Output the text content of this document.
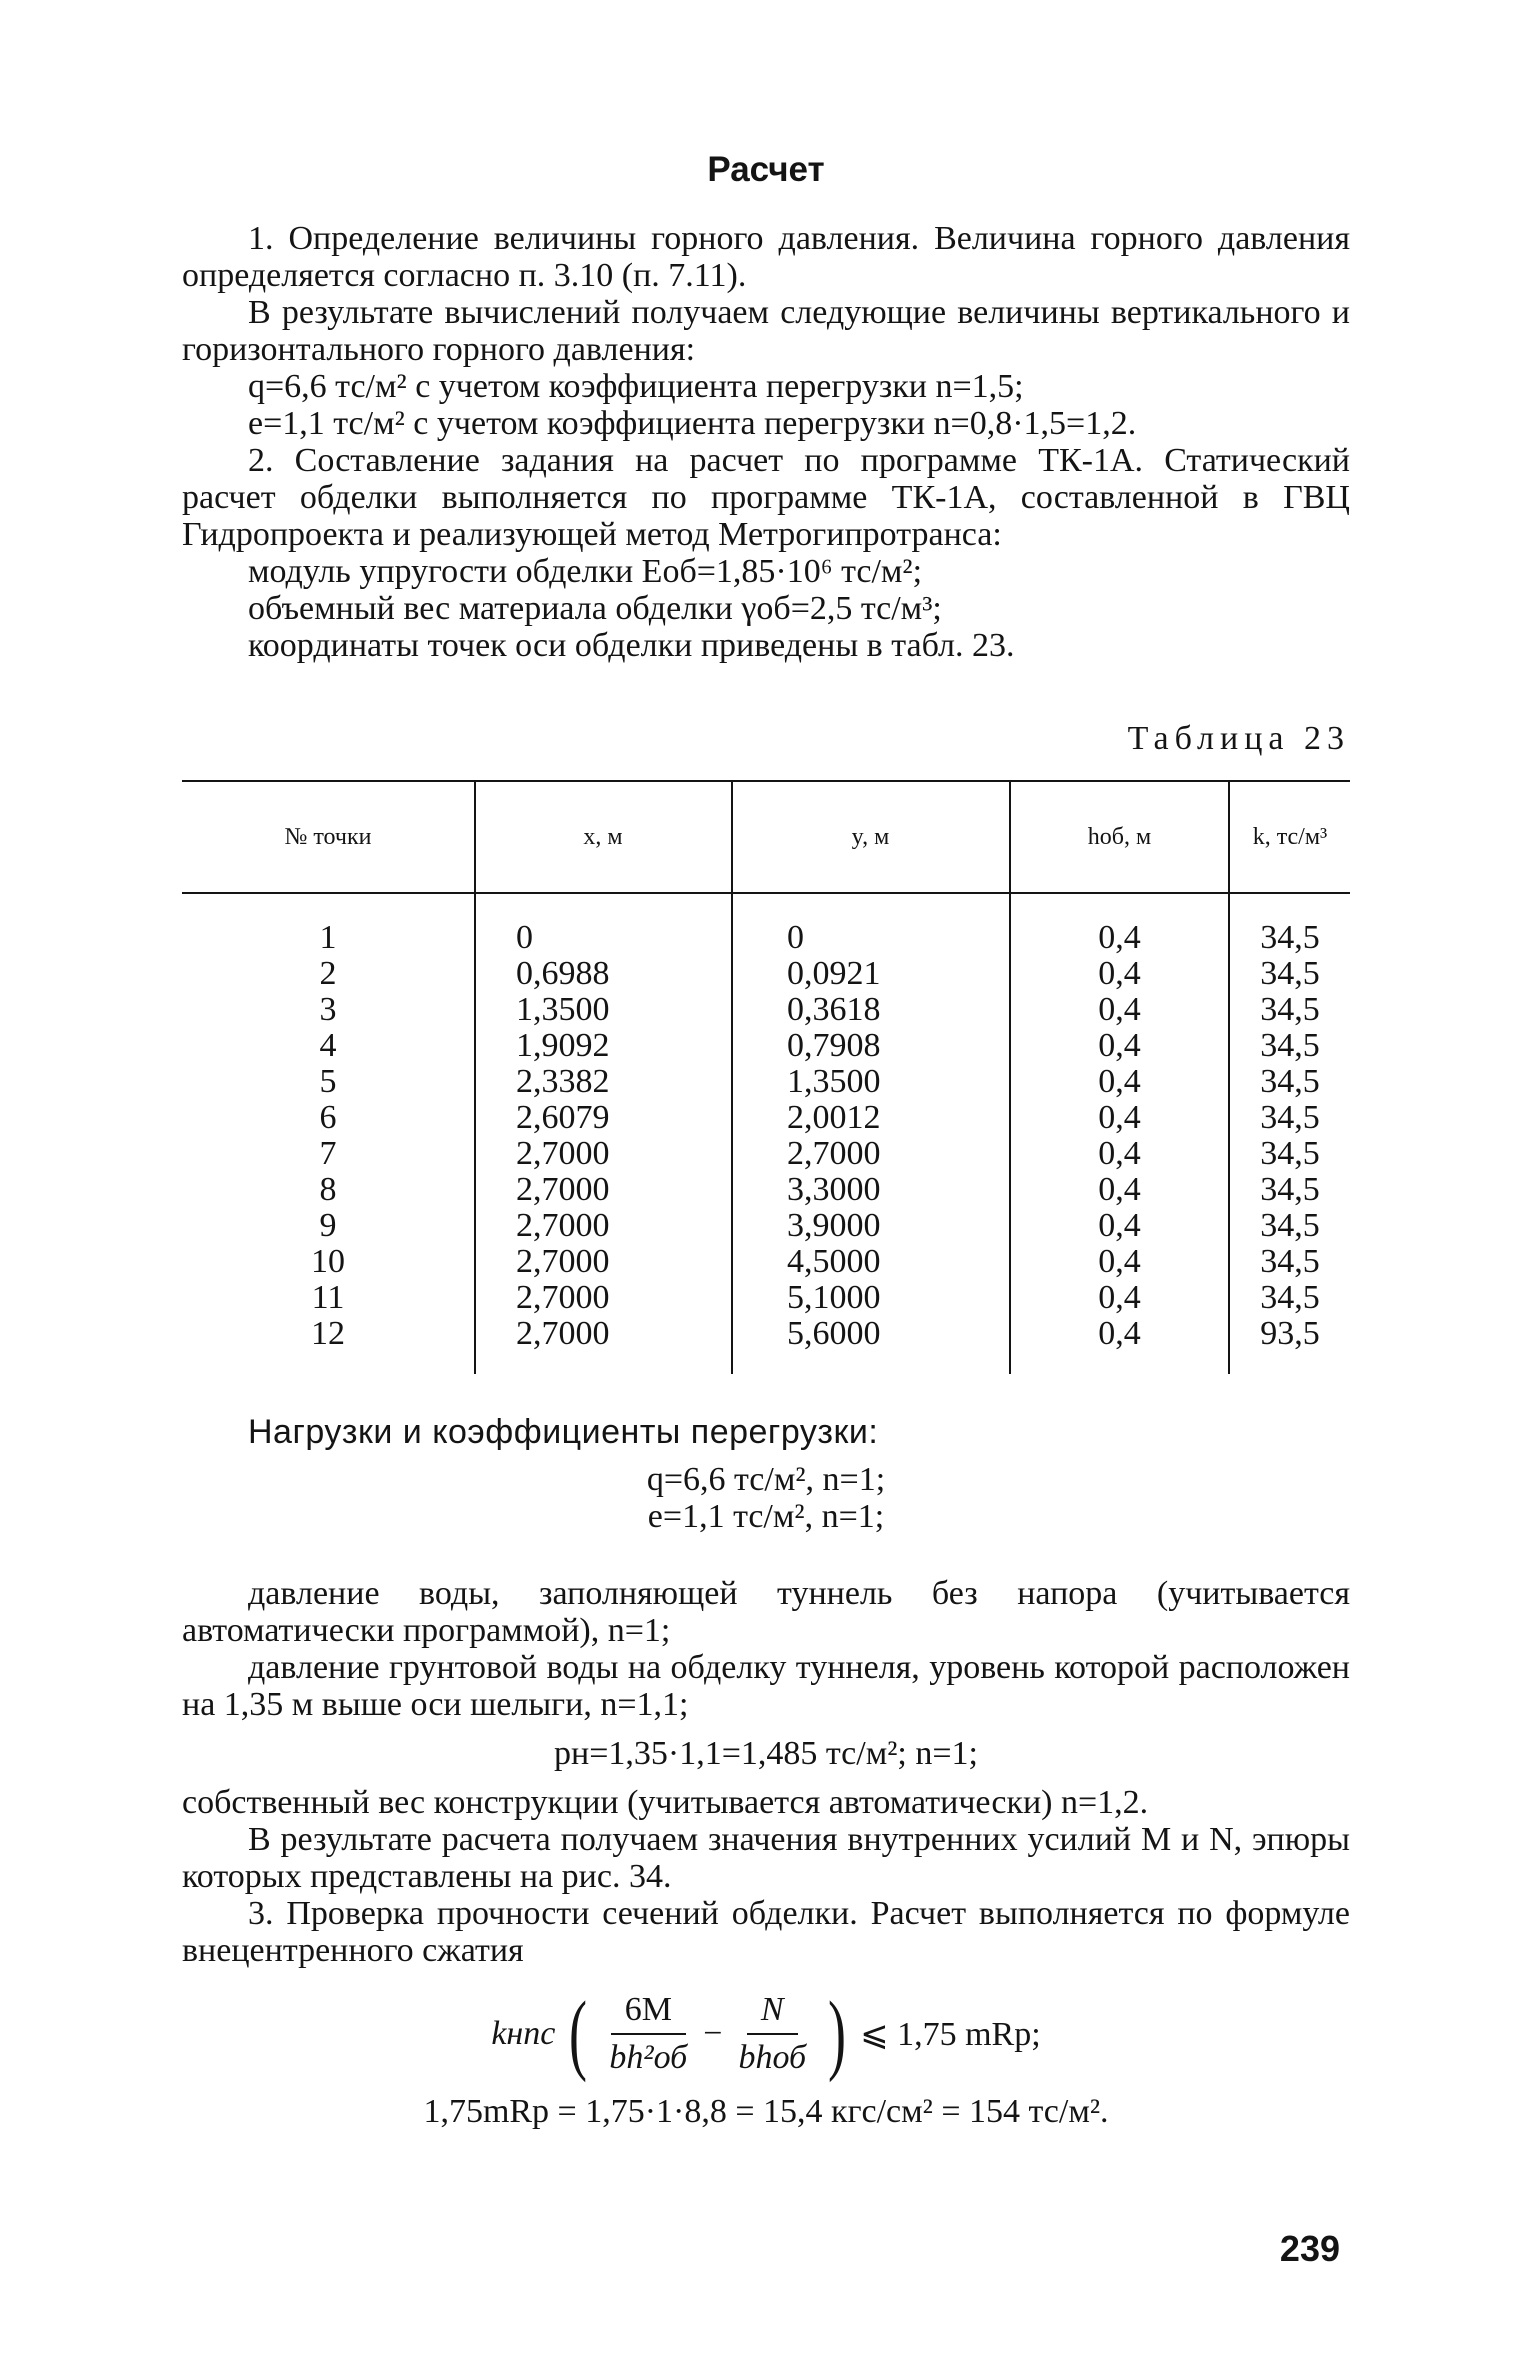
Расчет

1. Определение величины горного давления. Величина горного давления определяется согласно п. 3.10 (п. 7.11).

В результате вычислений получаем следующие величины вертикального и горизонтального горного давления:

q=6,6 тс/м² с учетом коэффициента перегрузки n=1,5;

e=1,1 тс/м² с учетом коэффициента перегрузки n=0,8·1,5=1,2.

2. Составление задания на расчет по программе ТК-1А. Статический расчет обделки выполняется по программе ТК-1А, составленной в ГВЦ Гидропроекта и реализующей метод Метрогипротранса:

модуль упругости обделки Eоб=1,85·10⁶ тс/м²;

объемный вес материала обделки γоб=2,5 тс/м³;

координаты точек оси обделки приведены в табл. 23.

Таблица 23
№ точки	x, м	y, м	hоб, м	k, тс/м³
1	0	0	0,4	34,5
2	0,6988	0,0921	0,4	34,5
3	1,3500	0,3618	0,4	34,5
4	1,9092	0,7908	0,4	34,5
5	2,3382	1,3500	0,4	34,5
6	2,6079	2,0012	0,4	34,5
7	2,7000	2,7000	0,4	34,5
8	2,7000	3,3000	0,4	34,5
9	2,7000	3,9000	0,4	34,5
10	2,7000	4,5000	0,4	34,5
11	2,7000	5,1000	0,4	34,5
12	2,7000	5,6000	0,4	93,5

Нагрузки и коэффициенты перегрузки:

q=6,6 тс/м², n=1;

e=1,1 тс/м², n=1;

давление воды, заполняющей туннель без напора (учитывается автоматически программой), n=1;

давление грунтовой воды на обделку туннеля, уровень которой расположен на 1,35 м выше оси шелыги, n=1,1;

pн=1,35·1,1=1,485 тс/м²; n=1;

собственный вес конструкции (учитывается автоматически) n=1,2.

В результате расчета получаем значения внутренних усилий M и N, эпюры которых представлены на рис. 34.

3. Проверка прочности сечений обделки. Расчет выполняется по формуле внецентренного сжатия

kнnс ( $\frac{6M}{\text{bh²об}} - \frac{N}{\text{bhоб}}$ ) ⩽ 1,75 mRр;

1,75mRр = 1,75·1·8,8 = 15,4 кгс/см² = 154 тс/м².

239
